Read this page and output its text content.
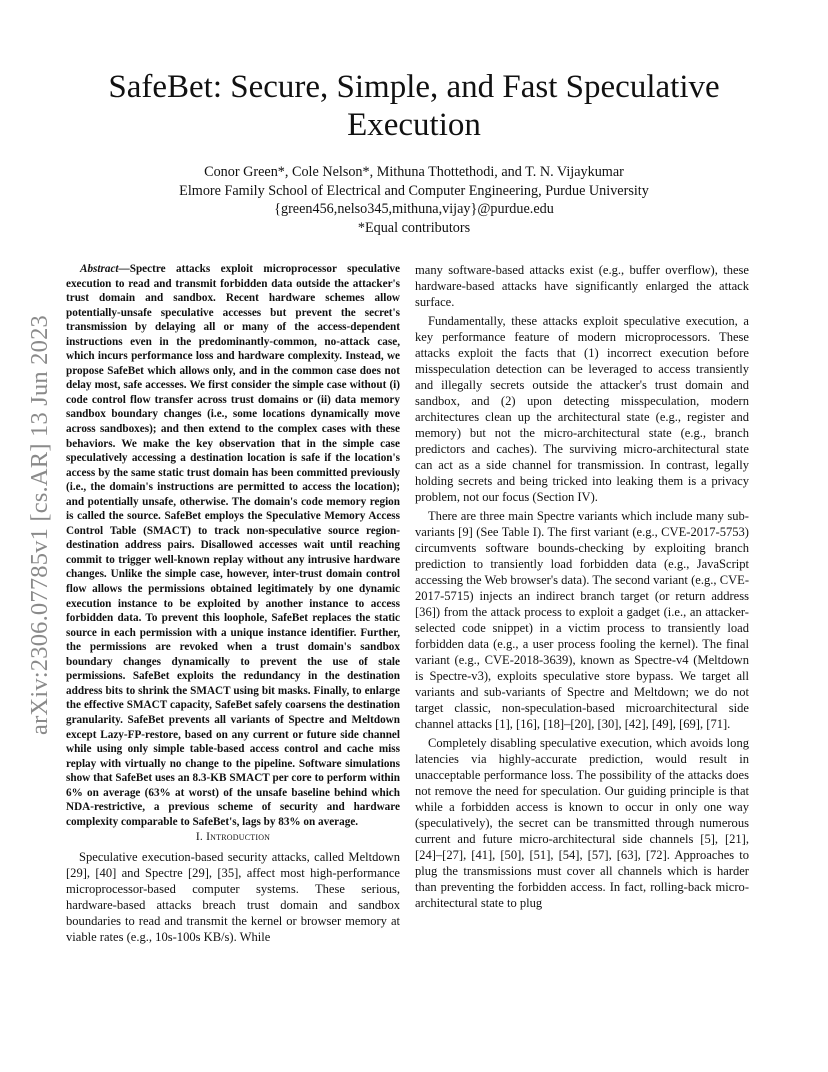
SafeBet: Secure, Simple, and Fast Speculative Execution
Conor Green*, Cole Nelson*, Mithuna Thottethodi, and T. N. Vijaykumar
Elmore Family School of Electrical and Computer Engineering, Purdue University
{green456,nelso345,mithuna,vijay}@purdue.edu
*Equal contributors
arXiv:2306.07785v1 [cs.AR] 13 Jun 2023

Abstract—Spectre attacks exploit microprocessor speculative execution to read and transmit forbidden data outside the attacker's trust domain and sandbox. Recent hardware schemes allow potentially-unsafe speculative accesses but prevent the secret's transmission by delaying all or many of the access-dependent instructions even in the predominantly-common, no-attack case, which incurs performance loss and hardware complexity. Instead, we propose SafeBet which allows only, and in the common case does not delay most, safe accesses. We first consider the simple case without (i) code control flow transfer across trust domains or (ii) data memory sandbox boundary changes (i.e., some locations dynamically move across sandboxes); and then extend to the complex cases with these behaviors. We make the key observation that in the simple case speculatively accessing a destination location is safe if the location's access by the same static trust domain has been committed previously (i.e., the domain's instructions are permitted to access the location); and potentially unsafe, otherwise. The domain's code memory region is called the source. SafeBet employs the Speculative Memory Access Control Table (SMACT) to track non-speculative source region-destination address pairs. Disallowed accesses wait until reaching commit to trigger well-known replay without any intrusive hardware changes. Unlike the simple case, however, inter-trust domain control flow allows the permissions obtained legitimately by one dynamic execution instance to be exploited by another instance to access forbidden data. To prevent this loophole, SafeBet replaces the static source in each permission with a unique instance identifier. Further, the permissions are revoked when a trust domain's sandbox boundary changes dynamically to prevent the use of stale permissions. SafeBet exploits the redundancy in the destination address bits to shrink the SMACT using bit masks. Finally, to enlarge the effective SMACT capacity, SafeBet safely coarsens the destination granularity. SafeBet prevents all variants of Spectre and Meltdown except Lazy-FP-restore, based on any current or future side channel while using only simple table-based access control and cache miss replay with virtually no change to the pipeline. Software simulations show that SafeBet uses an 8.3-KB SMACT per core to perform within 6% on average (63% at worst) of the unsafe baseline behind which NDA-restrictive, a previous scheme of security and hardware complexity comparable to SafeBet's, lags by 83% on average.

I. Introduction

Speculative execution-based security attacks, called Meltdown [29], [40] and Spectre [29], [35], affect most high-performance microprocessor-based computer systems. These serious, hardware-based attacks breach trust domain and sandbox boundaries to read and transmit the kernel or browser memory at viable rates (e.g., 10s-100s KB/s). While

many software-based attacks exist (e.g., buffer overflow), these hardware-based attacks have significantly enlarged the attack surface.

Fundamentally, these attacks exploit speculative execution, a key performance feature of modern microprocessors. These attacks exploit the facts that (1) incorrect execution before misspeculation detection can be leveraged to access transiently and illegally secrets outside the attacker's trust domain and sandbox, and (2) upon detecting misspeculation, modern architectures clean up the architectural state (e.g., register and memory) but not the micro-architectural state (e.g., branch predictors and caches). The surviving micro-architectural state can act as a side channel for transmission. In contrast, legally holding secrets and being tricked into leaking them is a privacy problem, not our focus (Section IV).

There are three main Spectre variants which include many sub-variants [9] (See Table I). The first variant (e.g., CVE-2017-5753) circumvents software bounds-checking by exploiting branch prediction to transiently load forbidden data (e.g., JavaScript accessing the Web browser's data). The second variant (e.g., CVE-2017-5715) injects an indirect branch target (or return address [36]) from the attack process to exploit a gadget (i.e., an attacker-selected code snippet) in a victim process to transiently load forbidden data (e.g., a user process fooling the kernel). The final variant (e.g., CVE-2018-3639), known as Spectre-v4 (Meltdown is Spectre-v3), exploits speculative store bypass. We target all variants and sub-variants of Spectre and Meltdown; we do not target classic, non-speculation-based microarchitectural side channel attacks [1], [16], [18]–[20], [30], [42], [49], [69], [71].

Completely disabling speculative execution, which avoids long latencies via highly-accurate prediction, would result in unacceptable performance loss. The possibility of the attacks does not remove the need for speculation. Our guiding principle is that while a forbidden access is known to occur in only one way (speculatively), the secret can be transmitted through numerous current and future micro-architectural side channels [5], [21], [24]–[27], [41], [50], [51], [54], [57], [63], [72]. Approaches to plug the transmissions must cover all channels which is harder than preventing the forbidden access. In fact, rolling-back micro-architectural state to plug
